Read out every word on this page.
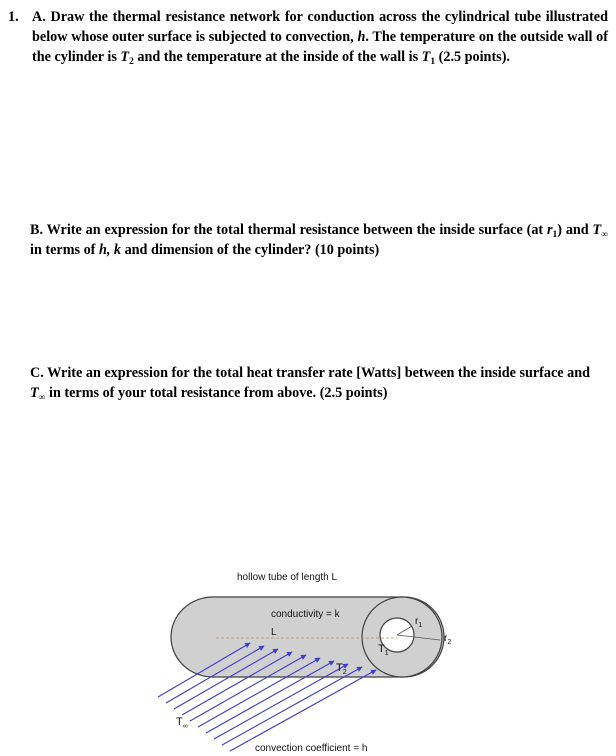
1. A. Draw the thermal resistance network for conduction across the cylindrical tube illustrated below whose outer surface is subjected to convection, h. The temperature on the outside wall of the cylinder is $T_2$ and the temperature at the inside of the wall is $T_1$ (2.5 points).

B. Write an expression for the total thermal resistance between the inside surface (at $r_1$) and $T_\infty$ in terms of h, k and dimension of the cylinder? (10 points)

C. Write an expression for the total heat transfer rate [Watts] between the inside surface and $T_\infty$ in terms of your total resistance from above. (2.5 points)

hollow tube of length L
conductivity = k
L
$T_1$
$T_2$
$r_1$
$r_2$
$T_\infty$
convection coefficient = h
